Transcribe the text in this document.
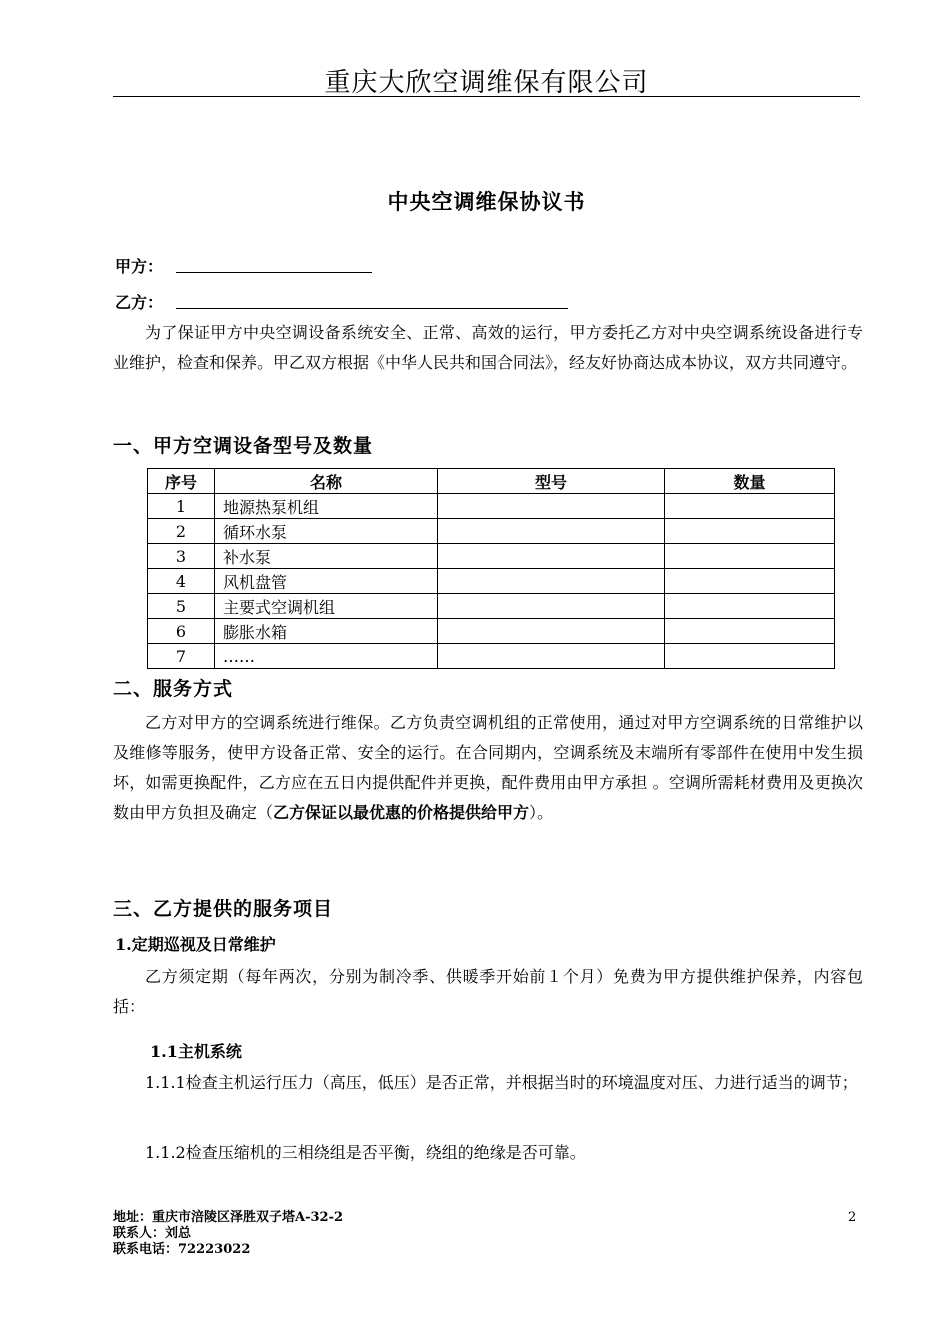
重庆大欣空调维保有限公司
中央空调维保协议书
甲方：
乙方：
为了保证甲方中央空调设备系统安全、正常、高效的运行，甲方委托乙方对中央空调系统设备进行专业维护，检查和保养。甲乙双方根据《中华人民共和国合同法》，经友好协商达成本协议，双方共同遵守。
一、甲方空调设备型号及数量
序号	名称	型号	数量
1	地源热泵机组		
2	循环水泵		
3	补水泵		
4	风机盘管		
5	主要式空调机组		
6	膨胀水箱		
7	……		
二、服务方式
乙方对甲方的空调系统进行维保。乙方负责空调机组的正常使用，通过对甲方空调系统的日常维护以及维修等服务，使甲方设备正常、安全的运行。在合同期内，空调系统及末端所有零部件在使用中发生损坏，如需更换配件，乙方应在五日内提供配件并更换，配件费用由甲方承担 。空调所需耗材费用及更换次数由甲方负担及确定（乙方保证以最优惠的价格提供给甲方）。
三、乙方提供的服务项目
1.定期巡视及日常维护
乙方须定期（每年两次，分别为制冷季、供暖季开始前１个月）免费为甲方提供维护保养，内容包括：
1.1主机系统
1.1.1检查主机运行压力（高压，低压）是否正常，并根据当时的环境温度对压、力进行适当的调节；
1.1.2检查压缩机的三相绕组是否平衡，绕组的绝缘是否可靠。
地址：重庆市涪陵区泽胜双子塔A-32-2
联系人：刘总
联系电话：72223022
2
